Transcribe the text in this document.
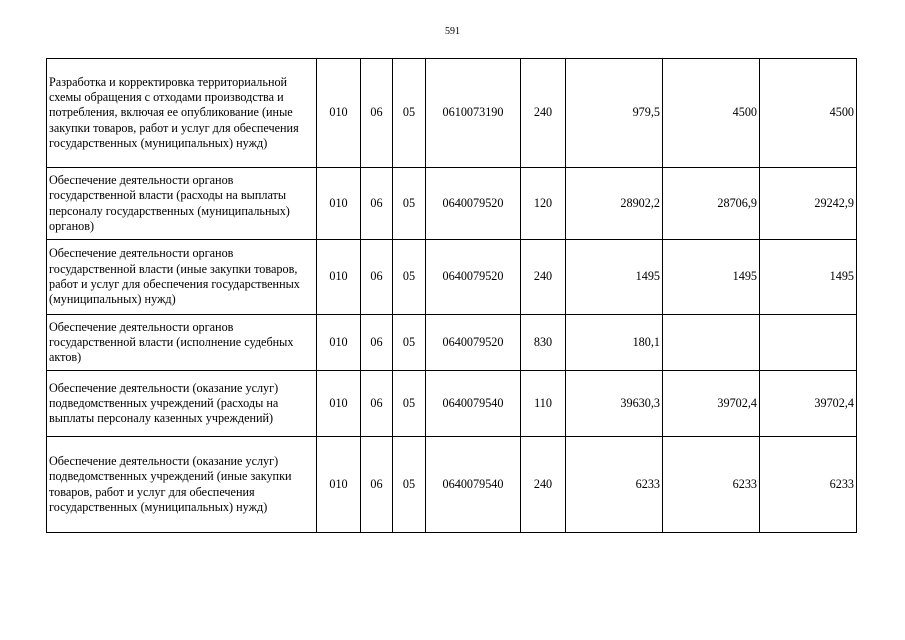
591
Разработка и корректировка территориальной схемы обращения с отходами производства и потребления, включая ее опубликование (иные закупки товаров, работ и услуг для обеспечения государственных (муниципальных) нужд)	010	06	05	0610073190	240	979,5	4500	4500
Обеспечение деятельности органов государственной власти (расходы на выплаты персоналу государственных (муниципальных) органов)	010	06	05	0640079520	120	28902,2	28706,9	29242,9
Обеспечение деятельности органов государственной власти (иные закупки товаров, работ и услуг для обеспечения государственных (муниципальных) нужд)	010	06	05	0640079520	240	1495	1495	1495
Обеспечение деятельности органов государственной власти (исполнение судебных актов)	010	06	05	0640079520	830	180,1		
Обеспечение деятельности (оказание услуг) подведомственных учреждений (расходы на выплаты персоналу казенных учреждений)	010	06	05	0640079540	110	39630,3	39702,4	39702,4
Обеспечение деятельности (оказание услуг) подведомственных учреждений (иные закупки товаров, работ и услуг для обеспечения государственных (муниципальных) нужд)	010	06	05	0640079540	240	6233	6233	6233
